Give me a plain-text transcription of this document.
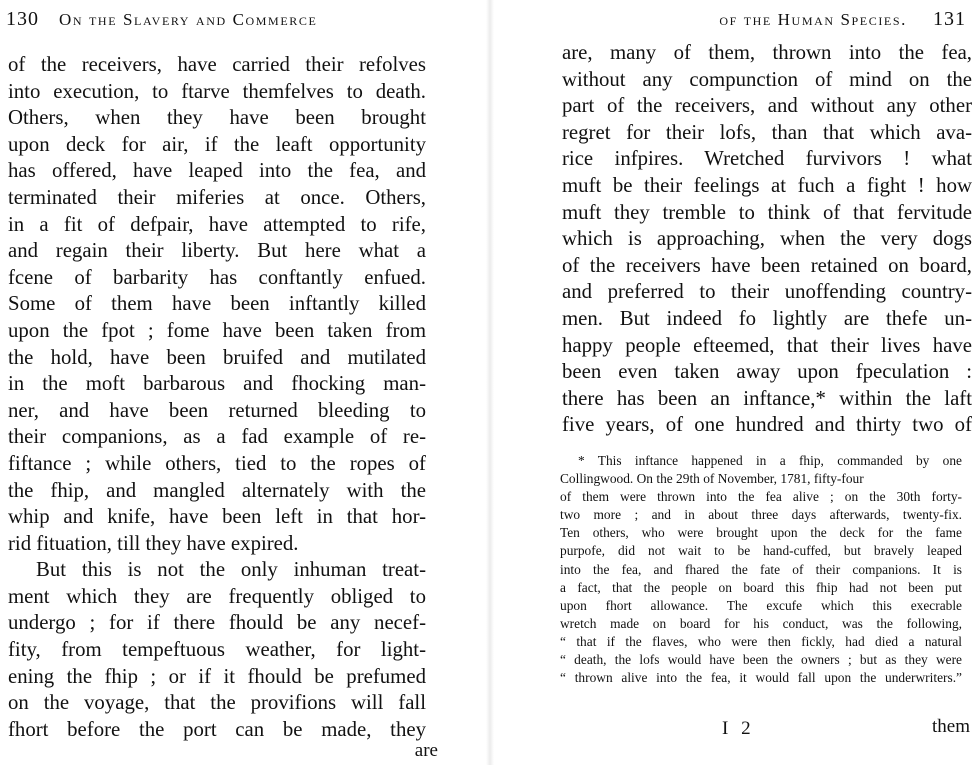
130 On the Slavery and Commerce
of the receivers, have carried their refolves
into execution, to ftarve themfelves to death.
Others, when they have been brought
upon deck for air, if the leaft opportunity
has offered, have leaped into the fea, and
terminated their miferies at once. Others,
in a fit of defpair, have attempted to rife,
and regain their liberty. But here what a
fcene of barbarity has conftantly enfued.
Some of them have been inftantly killed
upon the fpot ; fome have been taken from
the hold, have been bruifed and mutilated
in the moft barbarous and fhocking man-
ner, and have been returned bleeding to
their companions, as a fad example of re-
fiftance ; while others, tied to the ropes of
the fhip, and mangled alternately with the
whip and knife, have been left in that hor-
rid fituation, till they have expired.
But this is not the only inhuman treat-
ment which they are frequently obliged to
undergo ; for if there fhould be any necef-
fity, from tempeftuous weather, for light-
ening the fhip ; or if it fhould be prefumed
on the voyage, that the provifions will fall
fhort before the port can be made, they
are
of the Human Species. 131
are, many of them, thrown into the fea,
without any compunction of mind on the
part of the receivers, and without any other
regret for their lofs, than that which ava-
rice infpires. Wretched furvivors ! what
muft be their feelings at fuch a fight ! how
muft they tremble to think of that fervitude
which is approaching, when the very dogs
of the receivers have been retained on board,
and preferred to their unoffending country-
men. But indeed fo lightly are thefe un-
happy people efteemed, that their lives have
been even taken away upon fpeculation :
there has been an inftance,* within the laft
five years, of one hundred and thirty two of
* This inftance happened in a fhip, commanded by one
Collingwood. On the 29th of November, 1781, fifty-four
of them were thrown into the fea alive ; on the 30th forty-
two more ; and in about three days afterwards, twenty-fix.
Ten others, who were brought upon the deck for the fame
purpofe, did not wait to be hand-cuffed, but bravely leaped
into the fea, and fhared the fate of their companions. It is
a fact, that the people on board this fhip had not been put
upon fhort allowance. The excufe which this execrable
wretch made on board for his conduct, was the following,
“ that if the flaves, who were then fickly, had died a natural
“ death, the lofs would have been the owners ; but as they were
“ thrown alive into the fea, it would fall upon the underwriters.”
I 2	them
